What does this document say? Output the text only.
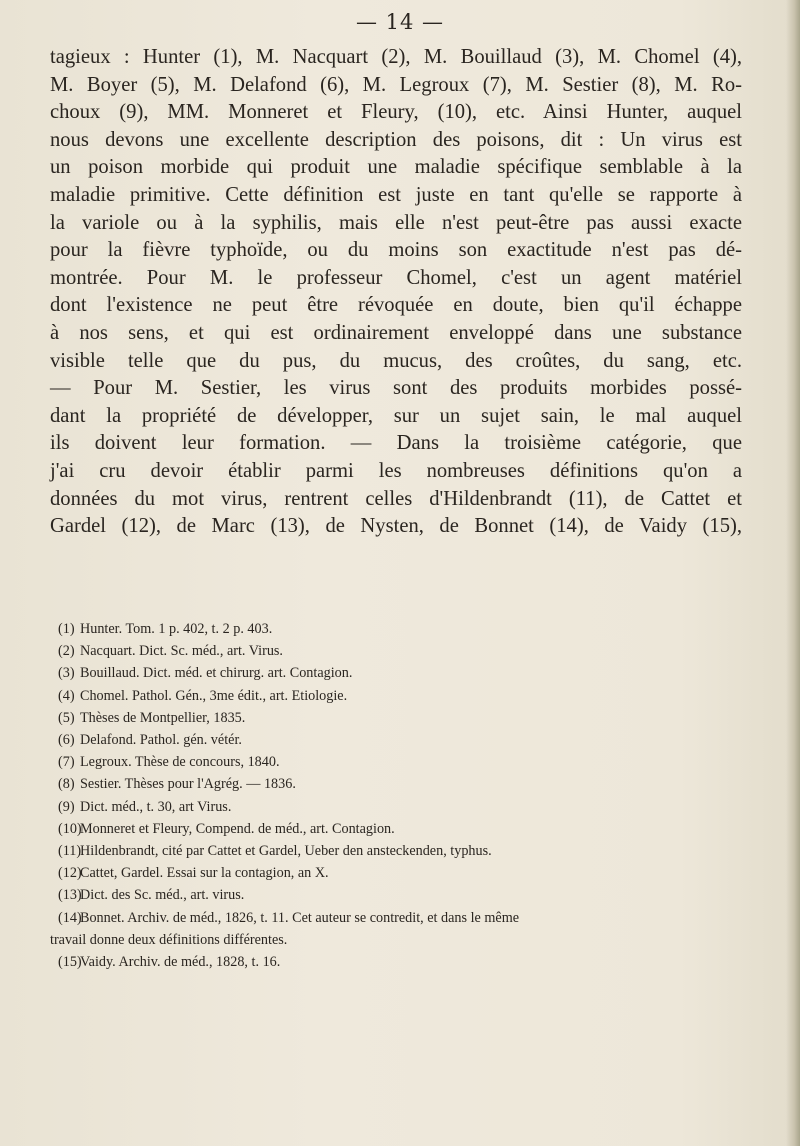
— 14 —
tagieux : Hunter (1), M. Nacquart (2), M. Bouillaud (3), M. Chomel (4),
M. Boyer (5), M. Delafond (6), M. Legroux (7), M. Sestier (8), M. Ro-
choux (9), MM. Monneret et Fleury, (10), etc. Ainsi Hunter, auquel
nous devons une excellente description des poisons, dit : Un virus est
un poison morbide qui produit une maladie spécifique semblable à la
maladie primitive. Cette définition est juste en tant qu'elle se rapporte à
la variole ou à la syphilis, mais elle n'est peut-être pas aussi exacte
pour la fièvre typhoïde, ou du moins son exactitude n'est pas dé-
montrée. Pour M. le professeur Chomel, c'est un agent matériel
dont l'existence ne peut être révoquée en doute, bien qu'il échappe
à nos sens, et qui est ordinairement enveloppé dans une substance
visible telle que du pus, du mucus, des croûtes, du sang, etc.
— Pour M. Sestier, les virus sont des produits morbides possé-
dant la propriété de développer, sur un sujet sain, le mal auquel
ils doivent leur formation. — Dans la troisième catégorie, que
j'ai cru devoir établir parmi les nombreuses définitions qu'on a
données du mot virus, rentrent celles d'Hildenbrandt (11), de Cattet et
Gardel (12), de Marc (13), de Nysten, de Bonnet (14), de Vaidy (15),
(1) Hunter. Tom. 1 p. 402, t. 2 p. 403.
(2) Nacquart. Dict. Sc. méd., art. Virus.
(3) Bouillaud. Dict. méd. et chirurg. art. Contagion.
(4) Chomel. Pathol. Gén., 3me édit., art. Etiologie.
(5) Thèses de Montpellier, 1835.
(6) Delafond. Pathol. gén. vétér.
(7) Legroux. Thèse de concours, 1840.
(8) Sestier. Thèses pour l'Agrég. — 1836.
(9) Dict. méd., t. 30, art Virus.
(10)Monneret et Fleury, Compend. de méd., art. Contagion.
(11)Hildenbrandt, cité par Cattet et Gardel, Ueber den ansteckenden, typhus.
(12)Cattet, Gardel. Essai sur la contagion, an X.
(13)Dict. des Sc. méd., art. virus.
(14)Bonnet. Archiv. de méd., 1826, t. 11. Cet auteur se contredit, et dans le même
travail donne deux définitions différentes.
(15)Vaidy. Archiv. de méd., 1828, t. 16.
